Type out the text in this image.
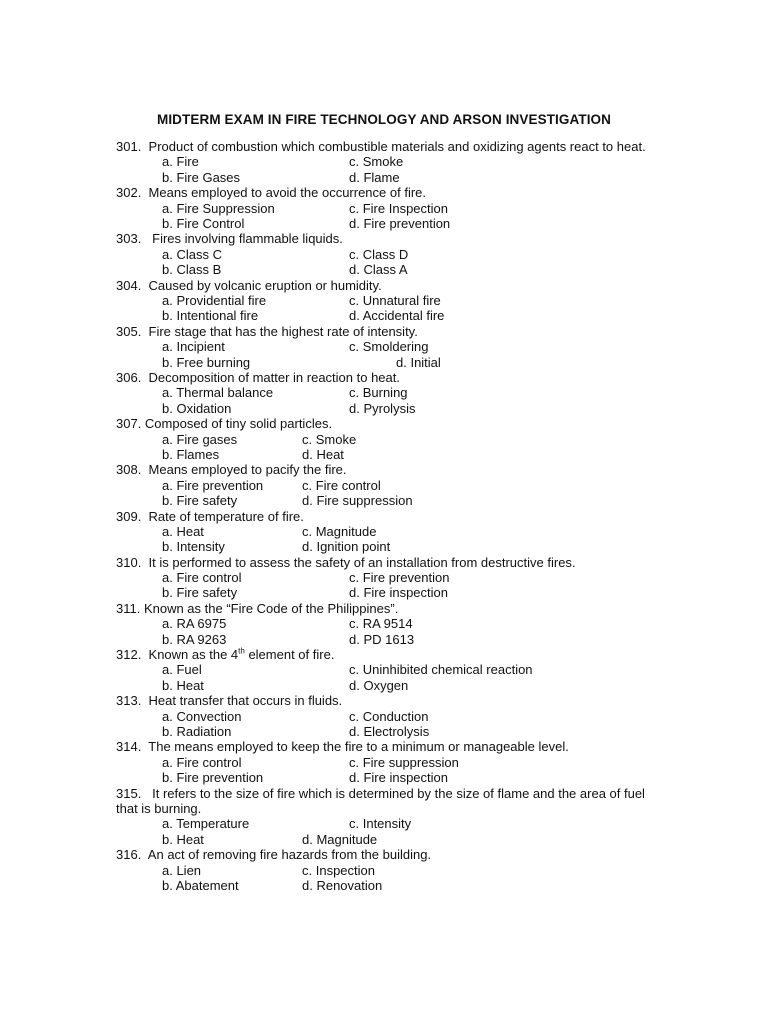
MIDTERM EXAM IN FIRE TECHNOLOGY AND ARSON INVESTIGATION
301.  Product of combustion which combustible materials and oxidizing agents react to heat.
a. Fire	c. Smoke
b. Fire Gases	d. Flame
302.  Means employed to avoid the occurrence of fire.
a. Fire Suppression	c. Fire Inspection
b. Fire Control	d. Fire prevention
303.   Fires involving flammable liquids.
a. Class C	c. Class D
b. Class B	d. Class A
304.  Caused by volcanic eruption or humidity.
a. Providential fire	c. Unnatural fire
b. Intentional fire	d. Accidental fire
305.  Fire stage that has the highest rate of intensity.
a. Incipient	c. Smoldering
b. Free burning	d. Initial
306.  Decomposition of matter in reaction to heat.
a. Thermal balance	c. Burning
b. Oxidation	d. Pyrolysis
307. Composed of tiny solid particles.
a. Fire gases	c. Smoke
b. Flames	d. Heat
308.  Means employed to pacify the fire.
a. Fire prevention	c. Fire control
b. Fire safety	d. Fire suppression
309.  Rate of temperature of fire.
a. Heat	c. Magnitude
b. Intensity	d. Ignition point
310.  It is performed to assess the safety of an installation from destructive fires.
a. Fire control	c. Fire prevention
b. Fire safety	d. Fire inspection
311. Known as the “Fire Code of the Philippines”.
a. RA 6975	c. RA 9514
b. RA 9263	d. PD 1613
312.  Known as the 4th element of fire.
a. Fuel	c. Uninhibited chemical reaction
b. Heat	d. Oxygen
313.  Heat transfer that occurs in fluids.
a. Convection	c. Conduction
b. Radiation	d. Electrolysis
314.  The means employed to keep the fire to a minimum or manageable level.
a. Fire control	c. Fire suppression
b. Fire prevention	d. Fire inspection
315.   It refers to the size of fire which is determined by the size of flame and the area of fuel that is burning.
a. Temperature	c. Intensity
b. Heat	d. Magnitude
316.  An act of removing fire hazards from the building.
a. Lien	c. Inspection
b. Abatement	d. Renovation
